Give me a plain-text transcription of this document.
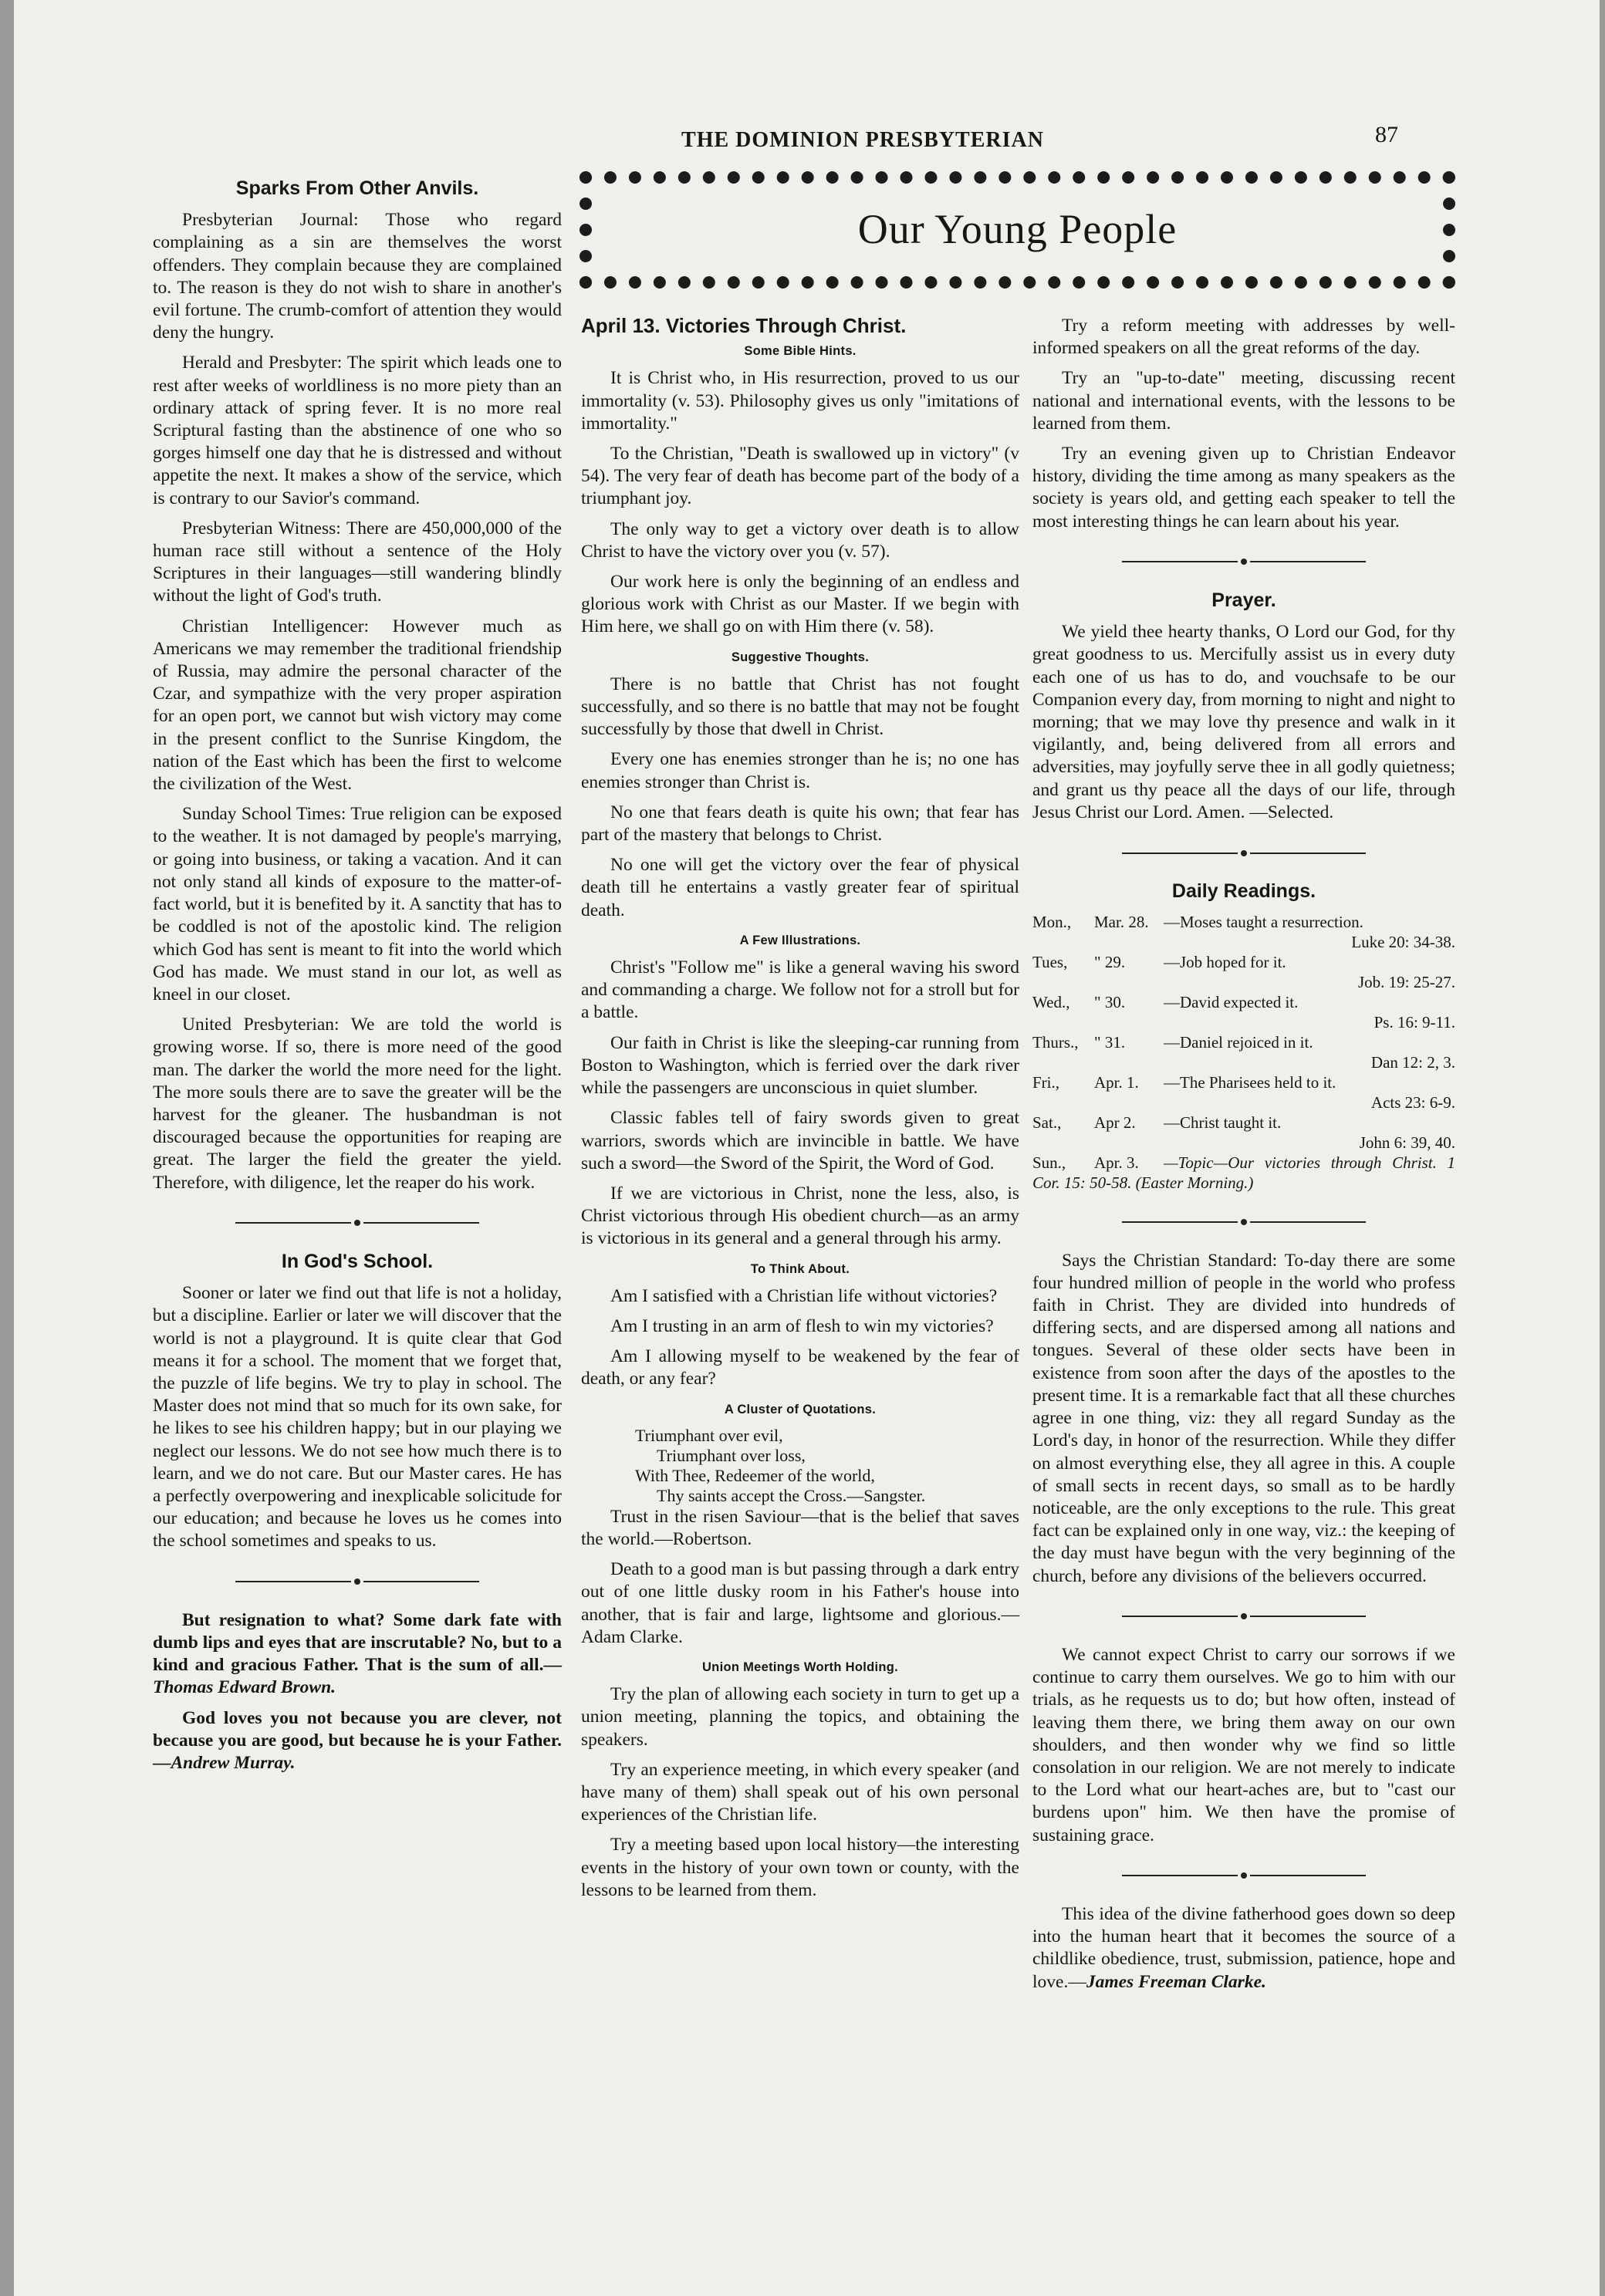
THE DOMINION PRESBYTERIAN	87
Our Young People
Sparks From Other Anvils.

Presbyterian Journal: Those who regard complaining as a sin are themselves the worst offenders. They complain because they are complained to. The reason is they do not wish to share in another's evil fortune. The crumb-comfort of attention they would deny the hungry.

Herald and Presbyter: The spirit which leads one to rest after weeks of worldliness is no more piety than an ordinary attack of spring fever. It is no more real Scriptural fasting than the abstinence of one who so gorges himself one day that he is distressed and without appetite the next. It makes a show of the service, which is contrary to our Savior's command.

Presbyterian Witness: There are 450,000,000 of the human race still without a sentence of the Holy Scriptures in their languages—still wandering blindly without the light of God's truth.

Christian Intelligencer: However much as Americans we may remember the traditional friendship of Russia, may admire the personal character of the Czar, and sympathize with the very proper aspiration for an open port, we cannot but wish victory may come in the present conflict to the Sunrise Kingdom, the nation of the East which has been the first to welcome the civilization of the West.

Sunday School Times: True religion can be exposed to the weather. It is not damaged by people's marrying, or going into business, or taking a vacation. And it can not only stand all kinds of exposure to the matter-of-fact world, but it is benefited by it. A sanctity that has to be coddled is not of the apostolic kind. The religion which God has sent is meant to fit into the world which God has made. We must stand in our lot, as well as kneel in our closet.

United Presbyterian: We are told the world is growing worse. If so, there is more need of the good man. The darker the world the more need for the light. The more souls there are to save the greater will be the harvest for the gleaner. The husbandman is not discouraged because the opportunities for reaping are great. The larger the field the greater the yield. Therefore, with diligence, let the reaper do his work.

In God's School.

Sooner or later we find out that life is not a holiday, but a discipline. Earlier or later we will discover that the world is not a playground. It is quite clear that God means it for a school. The moment that we forget that, the puzzle of life begins. We try to play in school. The Master does not mind that so much for its own sake, for he likes to see his children happy; but in our playing we neglect our lessons. We do not see how much there is to learn, and we do not care. But our Master cares. He has a perfectly overpowering and inexplicable solicitude for our education; and because he loves us he comes into the school sometimes and speaks to us.

But resignation to what? Some dark fate with dumb lips and eyes that are inscrutable? No, but to a kind and gracious Father. That is the sum of all.—Thomas Edward Brown.

God loves you not because you are clever, not because you are good, but because he is your Father.—Andrew Murray.

April 13. Victories Through Christ.
Some Bible Hints.

It is Christ who, in His resurrection, proved to us our immortality (v. 53). Philosophy gives us only "imitations of immortality."

To the Christian, "Death is swallowed up in victory" (v 54). The very fear of death has become part of the body of a triumphant joy.

The only way to get a victory over death is to allow Christ to have the victory over you (v. 57).

Our work here is only the beginning of an endless and glorious work with Christ as our Master. If we begin with Him here, we shall go on with Him there (v. 58).

Suggestive Thoughts.

There is no battle that Christ has not fought successfully, and so there is no battle that may not be fought successfully by those that dwell in Christ.

Every one has enemies stronger than he is; no one has enemies stronger than Christ is.

No one that fears death is quite his own; that fear has part of the mastery that belongs to Christ.

No one will get the victory over the fear of physical death till he entertains a vastly greater fear of spiritual death.

A Few Illustrations.

Christ's "Follow me" is like a general waving his sword and commanding a charge. We follow not for a stroll but for a battle.

Our faith in Christ is like the sleeping-car running from Boston to Washington, which is ferried over the dark river while the passengers are unconscious in quiet slumber.

Classic fables tell of fairy swords given to great warriors, swords which are invincible in battle. We have such a sword—the Sword of the Spirit, the Word of God.

If we are victorious in Christ, none the less, also, is Christ victorious through His obedient church—as an army is victorious in its general and a general through his army.

To Think About.

Am I satisfied with a Christian life without victories?

Am I trusting in an arm of flesh to win my victories?

Am I allowing myself to be weakened by the fear of death, or any fear?

A Cluster of Quotations.
Triumphant over evil,
Triumphant over loss,
With Thee, Redeemer of the world,
Thy saints accept the Cross.—Sangster.

Trust in the risen Saviour—that is the belief that saves the world.—Robertson.

Death to a good man is but passing through a dark entry out of one little dusky room in his Father's house into another, that is fair and large, lightsome and glorious.—Adam Clarke.

Union Meetings Worth Holding.

Try the plan of allowing each society in turn to get up a union meeting, planning the topics, and obtaining the speakers.

Try an experience meeting, in which every speaker (and have many of them) shall speak out of his own personal experiences of the Christian life.

Try a meeting based upon local history—the interesting events in the history of your own town or county, with the lessons to be learned from them.

Try a reform meeting with addresses by well-informed speakers on all the great reforms of the day.

Try an "up-to-date" meeting, discussing recent national and international events, with the lessons to be learned from them.

Try an evening given up to Christian Endeavor history, dividing the time among as many speakers as the society is years old, and getting each speaker to tell the most interesting things he can learn about his year.

Prayer.

We yield thee hearty thanks, O Lord our God, for thy great goodness to us. Mercifully assist us in every duty each one of us has to do, and vouchsafe to be our Companion every day, from morning to night and night to morning; that we may love thy presence and walk in it vigilantly, and, being delivered from all errors and adversities, may joyfully serve thee in all godly quietness; and grant us thy peace all the days of our life, through Jesus Christ our Lord. Amen. —Selected.

Daily Readings.
Mon., Mar. 28. —Moses taught a resurrection.
Luke 20: 34-38.
Tues, " 29. —Job hoped for it.
Job. 19: 25-27.
Wed., " 30. —David expected it.
Ps. 16: 9-11.
Thurs., " 31. —Daniel rejoiced in it.
Dan 12: 2, 3.
Fri., Apr. 1. —The Pharisees held to it.
Acts 23: 6-9.
Sat., Apr 2. —Christ taught it.
John 6: 39, 40.
Sun., Apr. 3. —Topic—Our victories through Christ. 1 Cor. 15: 50-58. (Easter Morning.)

Says the Christian Standard: To-day there are some four hundred million of people in the world who profess faith in Christ. They are divided into hundreds of differing sects, and are dispersed among all nations and tongues. Several of these older sects have been in existence from soon after the days of the apostles to the present time. It is a remarkable fact that all these churches agree in one thing, viz: they all regard Sunday as the Lord's day, in honor of the resurrection. While they differ on almost everything else, they all agree in this. A couple of small sects in recent days, so small as to be hardly noticeable, are the only exceptions to the rule. This great fact can be explained only in one way, viz.: the keeping of the day must have begun with the very beginning of the church, before any divisions of the believers occurred.

We cannot expect Christ to carry our sorrows if we continue to carry them ourselves. We go to him with our trials, as he requests us to do; but how often, instead of leaving them there, we bring them away on our own shoulders, and then wonder why we find so little consolation in our religion. We are not merely to indicate to the Lord what our heart-aches are, but to "cast our burdens upon" him. We then have the promise of sustaining grace.

This idea of the divine fatherhood goes down so deep into the human heart that it becomes the source of a childlike obedience, trust, submission, patience, hope and love.—James Freeman Clarke.
